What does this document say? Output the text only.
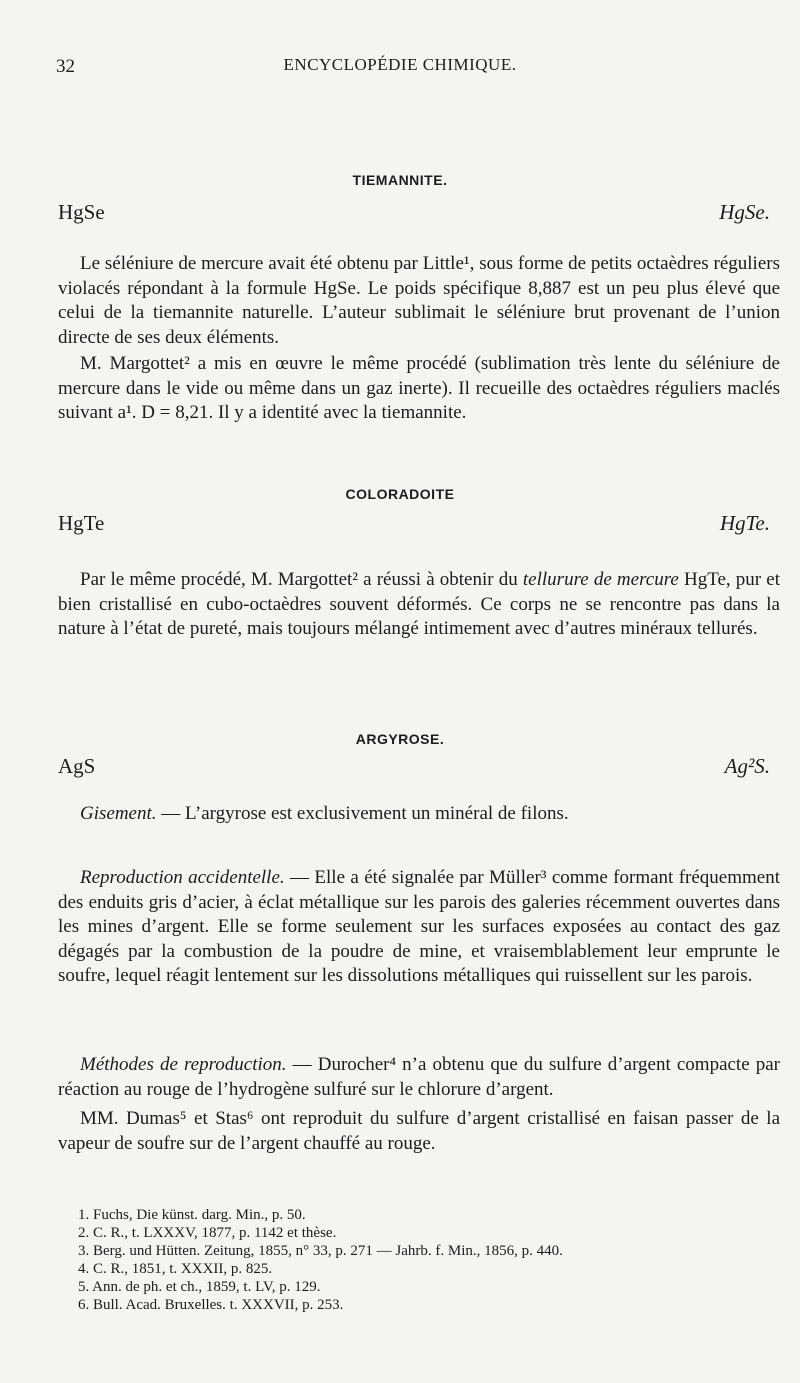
32	ENCYCLOPÉDIE CHIMIQUE.
TIEMANNITE.
HgSe	HgSe.
Le séléniure de mercure avait été obtenu par Little¹, sous forme de petits octaèdres réguliers violacés répondant à la formule HgSe. Le poids spécifique 8,887 est un peu plus élevé que celui de la tiemannite naturelle. L’auteur sublimait le séléniure brut provenant de l’union directe de ses deux éléments.
M. Margottet² a mis en œuvre le même procédé (sublimation très lente du séléniure de mercure dans le vide ou même dans un gaz inerte). Il recueille des octaèdres réguliers maclés suivant a¹. D = 8,21. Il y a identité avec la tiemannite.
COLORADOITE
HgTe	HgTe.
Par le même procédé, M. Margottet² a réussi à obtenir du tellurure de mercure HgTe, pur et bien cristallisé en cubo-octaèdres souvent déformés. Ce corps ne se rencontre pas dans la nature à l’état de pureté, mais toujours mélangé intimement avec d’autres minéraux tellurés.
ARGYROSE.
AgS	Ag²S.
Gisement. — L’argyrose est exclusivement un minéral de filons.
Reproduction accidentelle. — Elle a été signalée par Müller³ comme formant fréquemment des enduits gris d’acier, à éclat métallique sur les parois des galeries récemment ouvertes dans les mines d’argent. Elle se forme seulement sur les surfaces exposées au contact des gaz dégagés par la combustion de la poudre de mine, et vraisemblablement leur emprunte le soufre, lequel réagit lentement sur les dissolutions métalliques qui ruissellent sur les parois.
Méthodes de reproduction. — Durocher⁴ n’a obtenu que du sulfure d’argent compacte par réaction au rouge de l’hydrogène sulfuré sur le chlorure d’argent.
MM. Dumas⁵ et Stas⁶ ont reproduit du sulfure d’argent cristallisé en faisan passer de la vapeur de soufre sur de l’argent chauffé au rouge.
1. Fuchs, Die künst. darg. Min., p. 50.
2. C. R., t. LXXXV, 1877, p. 1142 et thèse.
3. Berg. und Hütten. Zeitung, 1855, n° 33, p. 271 — Jahrb. f. Min., 1856, p. 440.
4. C. R., 1851, t. XXXII, p. 825.
5. Ann. de ph. et ch., 1859, t. LV, p. 129.
6. Bull. Acad. Bruxelles. t. XXXVII, p. 253.
